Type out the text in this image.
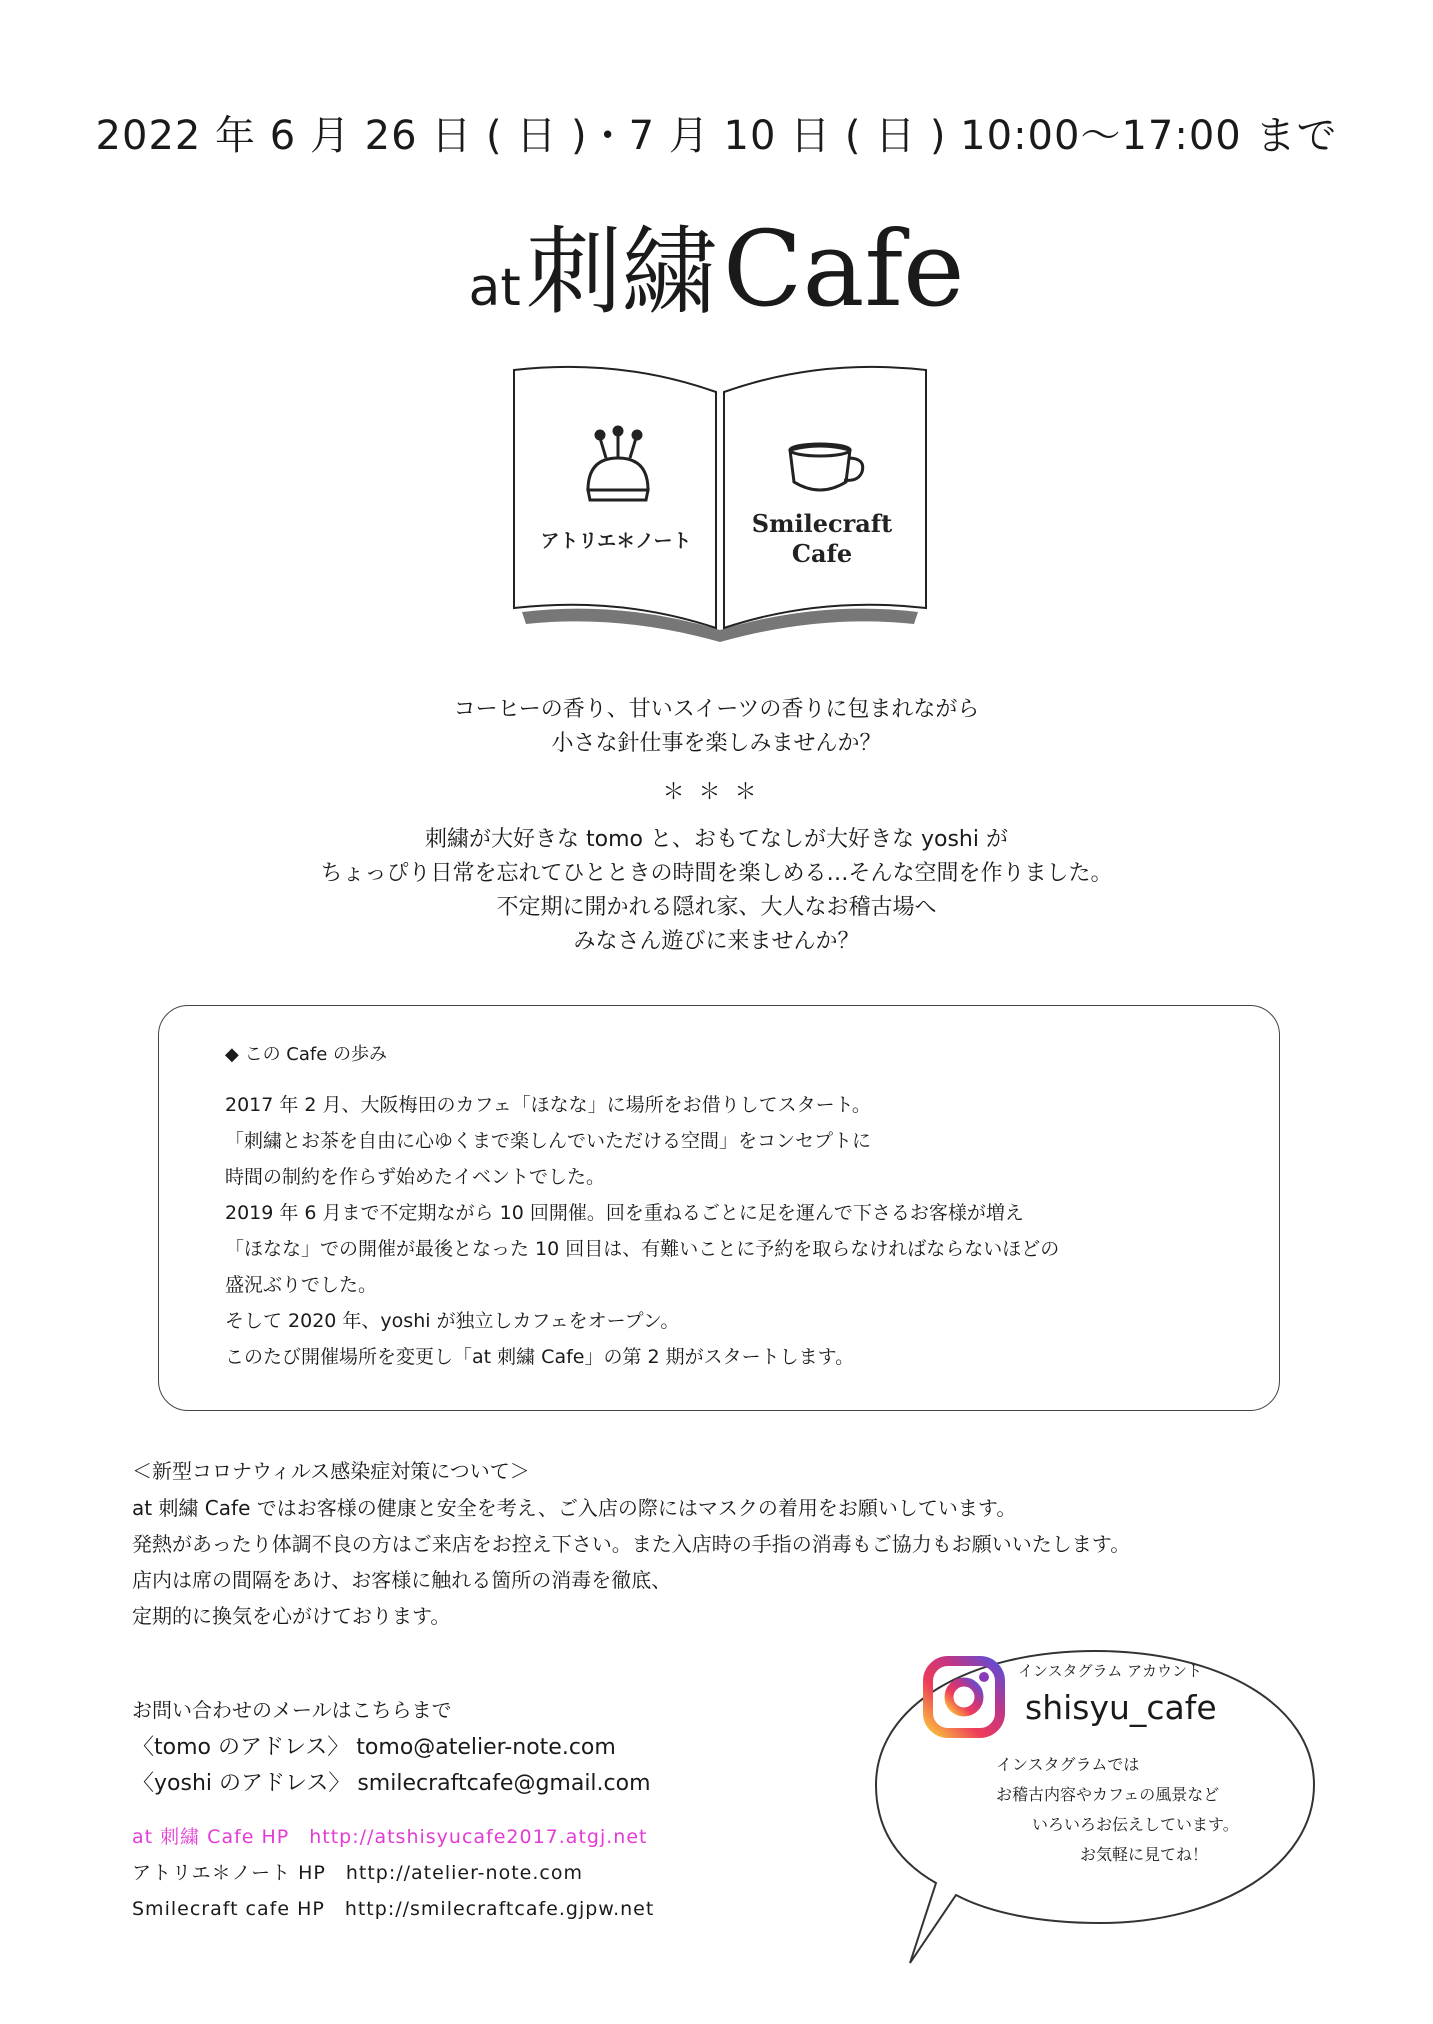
2022 年 6 月 26 日 ( 日 )・7 月 10 日 ( 日 ) 10:00〜17:00 まで
at 刺繍 Cafe
アトリエ＊ノート
Smilecraft
Cafe
コーヒーの香り、甘いスイーツの香りに包まれながら
小さな針仕事を楽しみませんか？
＊＊＊
刺繍が大好きな tomo と、おもてなしが大好きな yoshi が
ちょっぴり日常を忘れてひとときの時間を楽しめる…そんな空間を作りました。
不定期に開かれる隠れ家、大人なお稽古場へ
みなさん遊びに来ませんか？
◆ この Cafe の歩み
2017 年 2 月、大阪梅田のカフェ「ほなな」に場所をお借りしてスタート。
「刺繍とお茶を自由に心ゆくまで楽しんでいただける空間」をコンセプトに
時間の制約を作らず始めたイベントでした。
2019 年 6 月まで不定期ながら 10 回開催。回を重ねるごとに足を運んで下さるお客様が増え
「ほなな」での開催が最後となった 10 回目は、有難いことに予約を取らなければならないほどの
盛況ぶりでした。
そして 2020 年、yoshi が独立しカフェをオープン。
このたび開催場所を変更し「at 刺繍 Cafe」の第 2 期がスタートします。
＜新型コロナウィルス感染症対策について＞
at 刺繍 Cafe ではお客様の健康と安全を考え、ご入店の際にはマスクの着用をお願いしています。
発熱があったり体調不良の方はご来店をお控え下さい。また入店時の手指の消毒もご協力もお願いいたします。
店内は席の間隔をあけ、お客様に触れる箇所の消毒を徹底、
定期的に換気を心がけております。
お問い合わせのメールはこちらまで
〈tomo のアドレス〉 tomo@atelier-note.com
〈yoshi のアドレス〉 smilecraftcafe@gmail.com
at 刺繍 Cafe HP　http://atshisyucafe2017.atgj.net
アトリエ＊ノート HP　http://atelier-note.com
Smilecraft cafe HP　http://smilecraftcafe.gjpw.net
インスタグラム アカウント
shisyu_cafe
インスタグラムでは
お稽古内容やカフェの風景など
いろいろお伝えしています。
お気軽に見てね！
